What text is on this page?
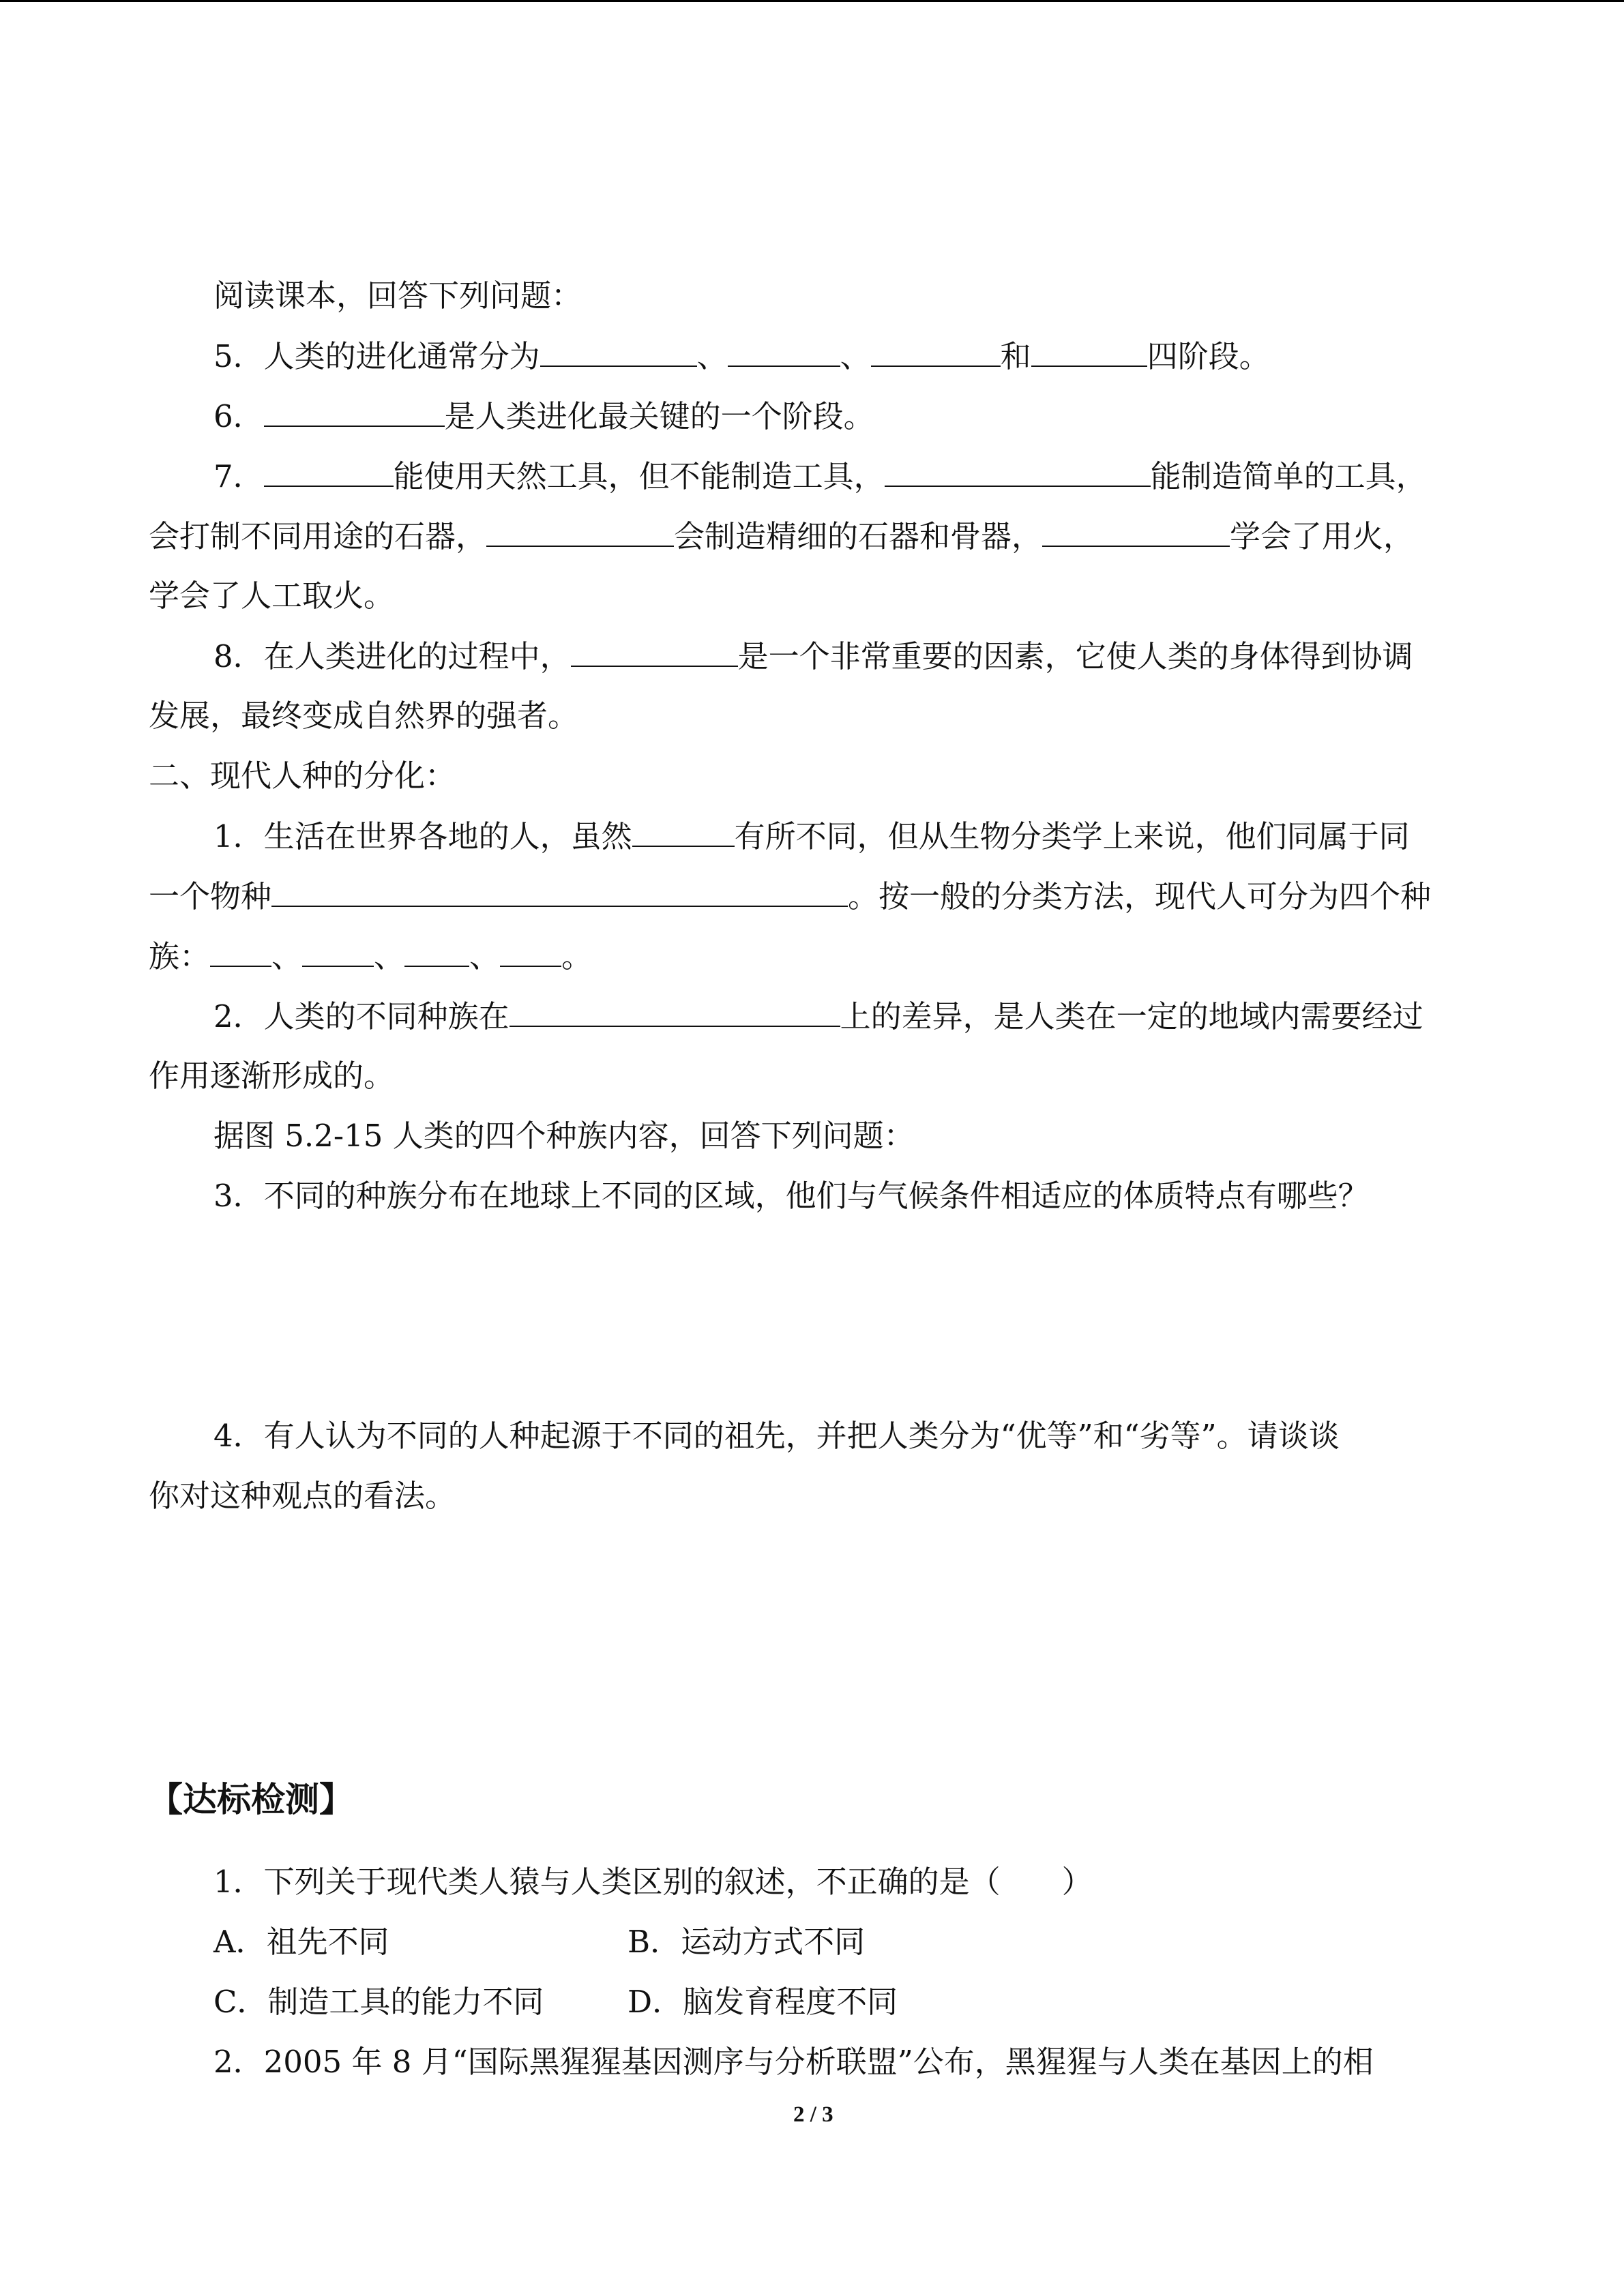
阅读课本，回答下列问题：
5．人类的进化通常分为	、	、	和	四阶段。
6．	是人类进化最关键的一个阶段。
7．	能使用天然工具，但不能制造工具，	能制造简单的工具，
会打制不同用途的石器，	会制造精细的石器和骨器，	学会了用火，
学会了人工取火。
8．在人类进化的过程中，	是一个非常重要的因素，它使人类的身体得到协调
发展，最终变成自然界的强者。
二、现代人种的分化：
1．生活在世界各地的人，虽然	有所不同，但从生物分类学上来说，他们同属于同
一个物种	。按一般的分类方法，现代人可分为四个种
族： 、 、 、 。
2．人类的不同种族在	上的差异，是人类在一定的地域内需要经过
作用逐渐形成的。
据图 5.2-15 人类的四个种族内容，回答下列问题：
3．不同的种族分布在地球上不同的区域，他们与气候条件相适应的体质特点有哪些？
4．有人认为不同的人种起源于不同的祖先，并把人类分为“优等”和“劣等”。请谈谈
你对这种观点的看法。
【达标检测】
1．下列关于现代类人猿与人类区别的叙述，不正确的是（　　）
A．祖先不同	B．运动方式不同
C．制造工具的能力不同	D．脑发育程度不同
2．2005 年 8 月“国际黑猩猩基因测序与分析联盟”公布，黑猩猩与人类在基因上的相
2 / 3
